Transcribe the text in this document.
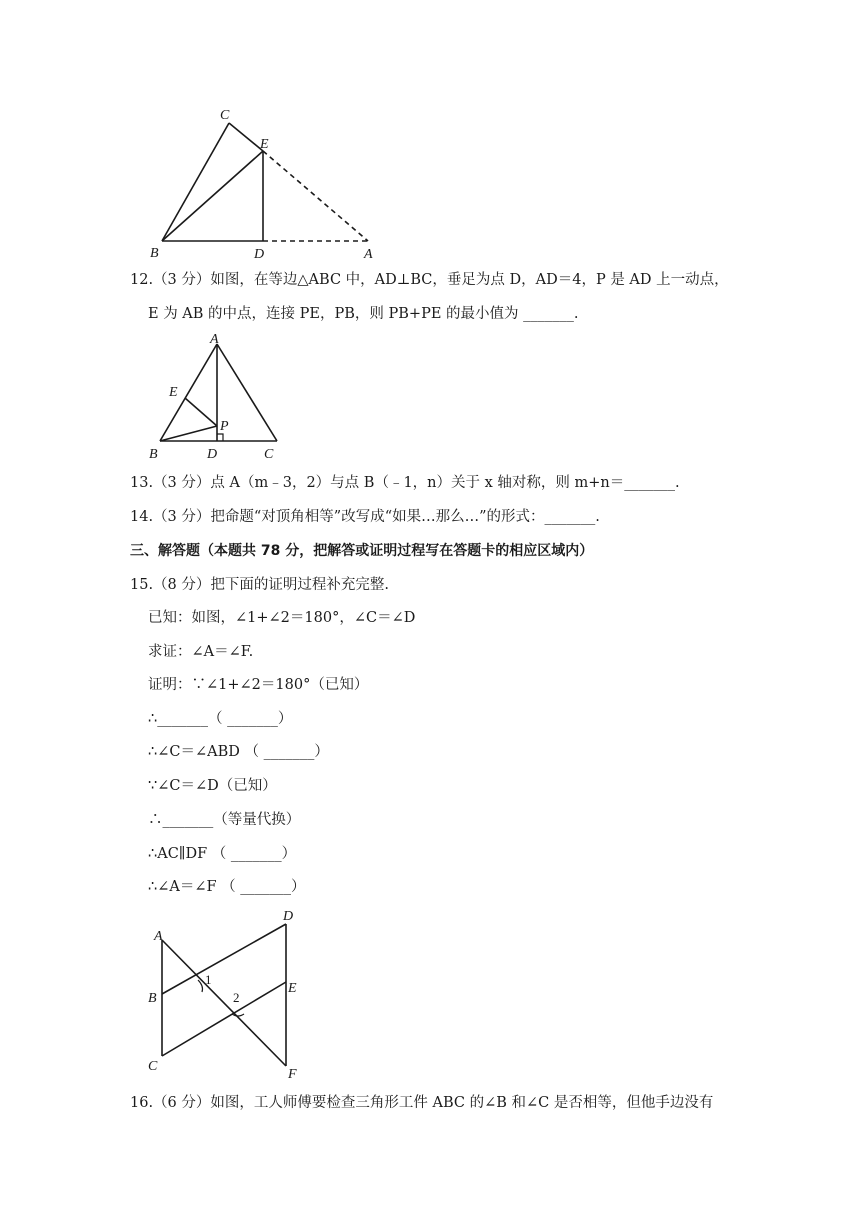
C
E
B	D	A
12.（3 分）如图，在等边△ABC 中，AD⊥BC，垂足为点 D，AD＝4，P 是 AD 上一动点，
E 为 AB 的中点，连接 PE，PB，则 PB+PE 的最小值为 _______.
A
E
P
B	D	C
13.（3 分）点 A（m﹣3，2）与点 B（﹣1，n）关于 x 轴对称，则 m+n＝_______.
14.（3 分）把命题“对顶角相等”改写成“如果…那么…”的形式：_______.
三、解答题（本题共 78 分，把解答或证明过程写在答题卡的相应区域内）
15.（8 分）把下面的证明过程补充完整.
已知：如图，∠1+∠2＝180°，∠C＝∠D
求证：∠A＝∠F.
证明：∵∠1+∠2＝180°（已知）
∴_______（ _______）
∴∠C＝∠ABD （ _______）
∵∠C＝∠D（已知）
∴_______（等量代换）
∴AC∥DF （ _______）
∴∠A＝∠F （ _______）
A
B
C
D
E
F
1
2
16.（6 分）如图，工人师傅要检查三角形工件 ABC 的∠B 和∠C 是否相等，但他手边没有
